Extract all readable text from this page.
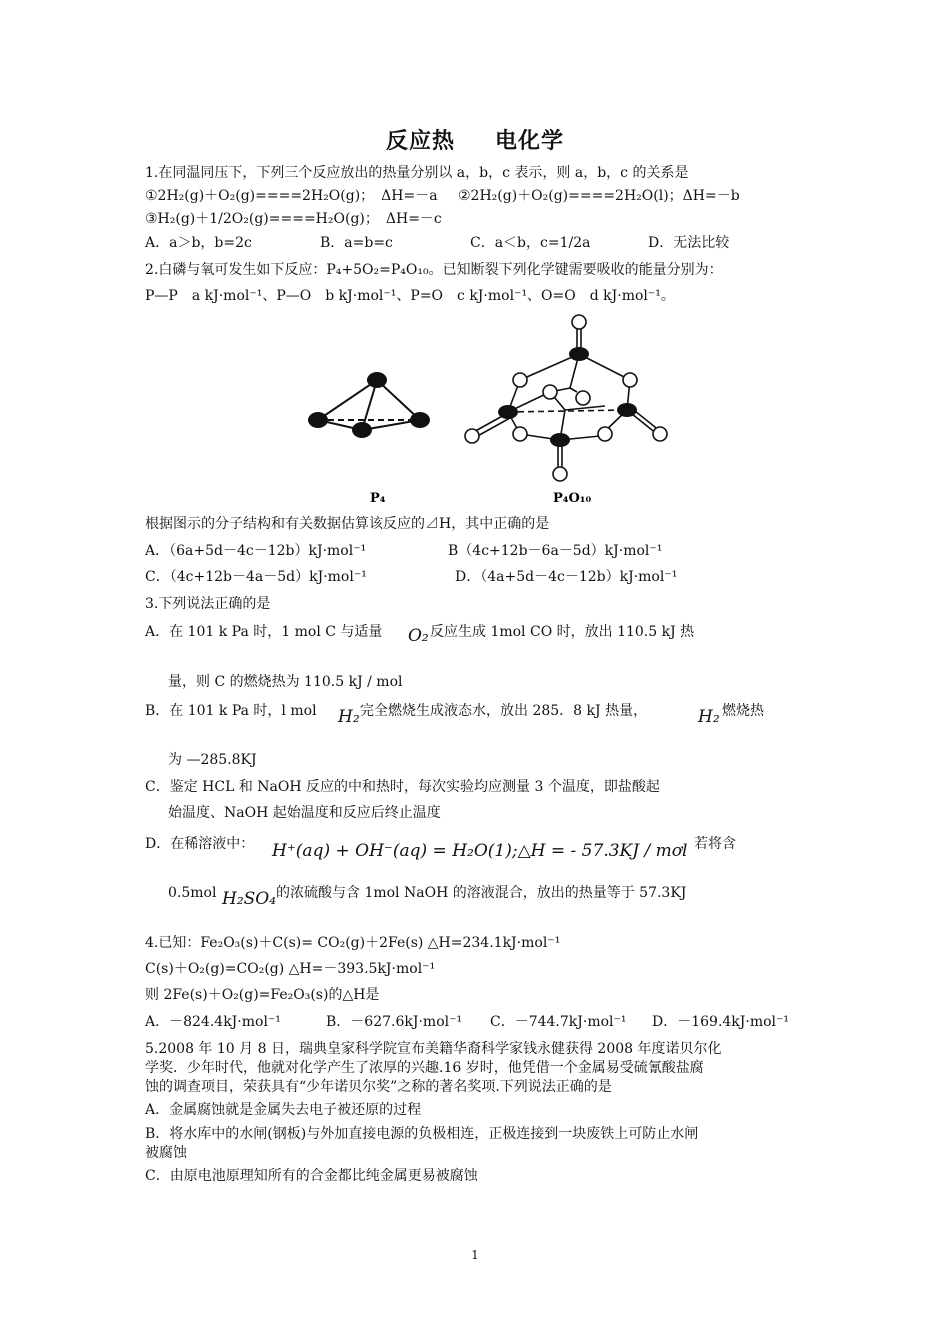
反应热 电化学
1.在同温同压下，下列三个反应放出的热量分别以 a，b，c 表示，则 a，b，c 的关系是
①2H₂(g)＋O₂(g)====2H₂O(g)；　ΔH=－a ②2H₂(g)＋O₂(g)====2H₂O(l)；ΔH=－b
③H₂(g)＋1/2O₂(g)====H₂O(g)；　ΔH=－c
A．a＞b，b=2c	B．a=b=c	C．a＜b，c=1/2a	D．无法比较
2.白磷与氧可发生如下反应：P₄+5O₂=P₄O₁₀。已知断裂下列化学键需要吸收的能量分别为：
P—P　a kJ·mol⁻¹、P—O　b kJ·mol⁻¹、P=O　c kJ·mol⁻¹、O=O　d kJ·mol⁻¹。
P₄	P₄O₁₀
根据图示的分子结构和有关数据估算该反应的⊿H，其中正确的是
A．（6a+5d－4c－12b）kJ·mol⁻¹	B（4c+12b－6a－5d）kJ·mol⁻¹
C．（4c+12b－4a－5d）kJ·mol⁻¹	D．（4a+5d－4c－12b）kJ·mol⁻¹
3.下列说法正确的是
A．在 101 k Pa 时，1 mol C 与适量 O₂ 反应生成 1mol CO 时，放出 110.5 kJ 热
量，则 C 的燃烧热为 110.5 kJ / mol
B．在 101 k Pa 时，l mol H₂ 完全燃烧生成液态水，放出 285．8 kJ 热量，	H₂ 燃烧热
为 —285.8KJ
C．鉴定 HCL 和 NaOH 反应的中和热时，每次实验均应测量 3 个温度，即盐酸起
始温度、NaOH 起始温度和反应后终止温度
D．在稀溶液中： H⁺(aq) + OH⁻(aq) = H₂O(1);△H = - 57.3KJ / mol
，若将含
0.5mol H₂SO₄ 的浓硫酸与含 1mol NaOH 的溶液混合，放出的热量等于 57.3KJ
4.已知：Fe₂O₃(s)＋C(s)= CO₂(g)＋2Fe(s) △H=234.1kJ·mol⁻¹
C(s)＋O₂(g)=CO₂(g) △H=－393.5kJ·mol⁻¹
则 2Fe(s)＋O₂(g)=Fe₂O₃(s)的△H是
A．－824.4kJ·mol⁻¹	B．－627.6kJ·mol⁻¹ C．－744.7kJ·mol⁻¹ D．－169.4kJ·mol⁻¹
5.2008 年 10 月 8 日，瑞典皇家科学院宣布美籍华裔科学家钱永健获得 2008 年度诺贝尔化
学奖．少年时代，他就对化学产生了浓厚的兴趣.16 岁时，他凭借一个金属易受硫氰酸盐腐
蚀的调查项目，荣获具有“少年诺贝尔奖”之称的著名奖项.下列说法正确的是
A．金属腐蚀就是金属失去电子被还原的过程
B．将水库中的水闸(钢板)与外加直接电源的负极相连，正极连接到一块废铁上可防止水闸
被腐蚀
C．由原电池原理知所有的合金都比纯金属更易被腐蚀
1
